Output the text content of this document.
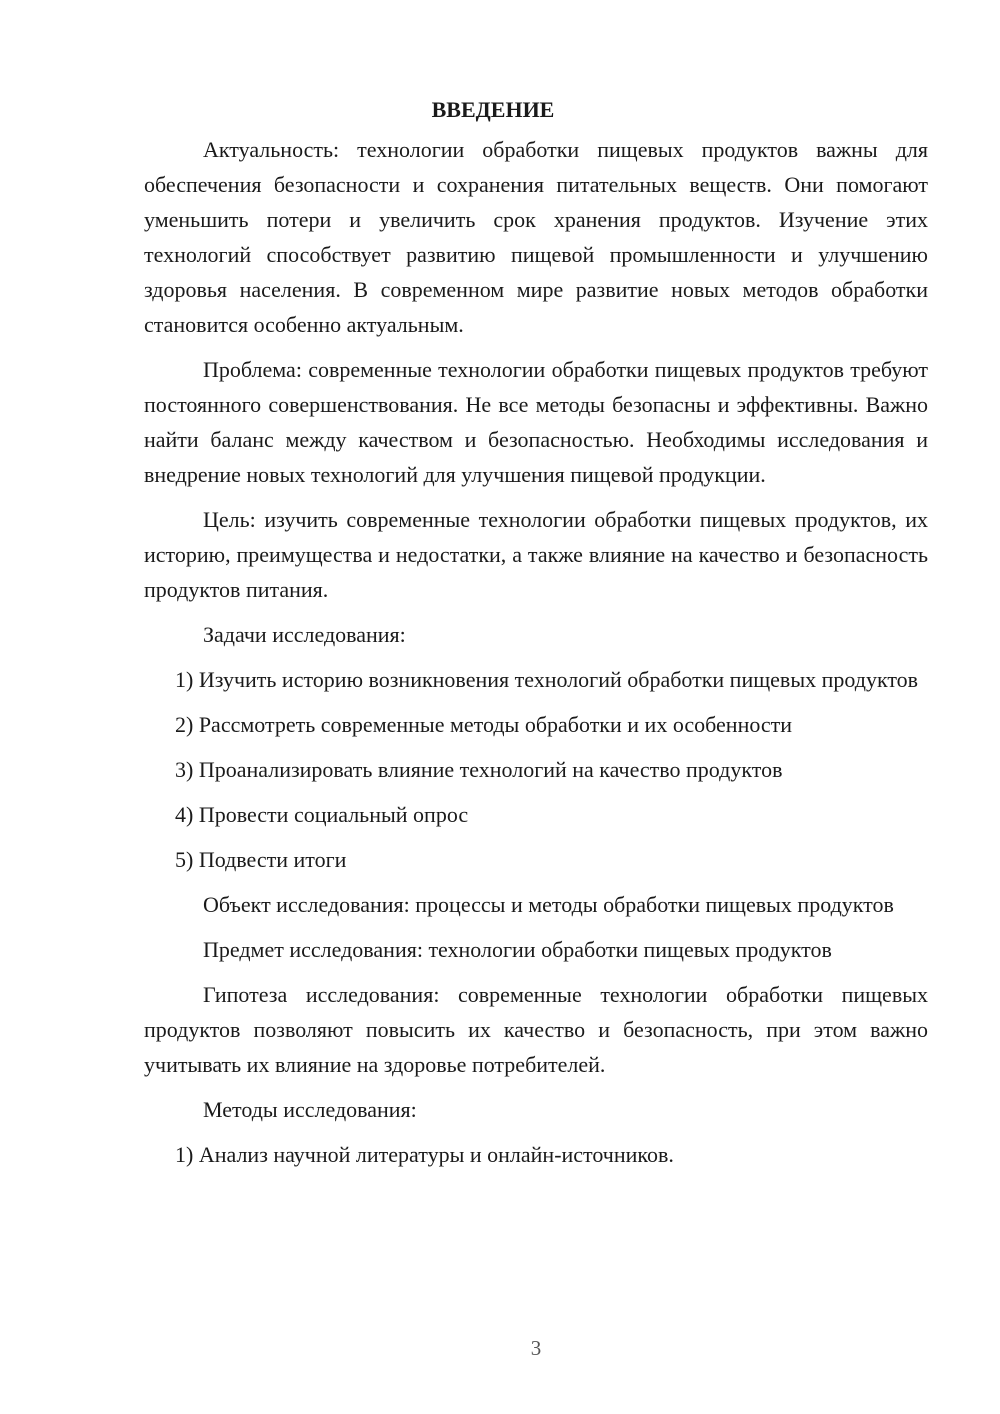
ВВЕДЕНИЕ

Актуальность: технологии обработки пищевых продуктов важны для обеспечения безопасности и сохранения питательных веществ. Они помогают уменьшить потери и увеличить срок хранения продуктов. Изучение этих технологий способствует развитию пищевой промышленности и улучшению здоровья населения. В современном мире развитие новых методов обработки становится особенно актуальным.

Проблема: современные технологии обработки пищевых продуктов требуют постоянного совершенствования. Не все методы безопасны и эффективны. Важно найти баланс между качеством и безопасностью. Необходимы исследования и внедрение новых технологий для улучшения пищевой продукции.

Цель: изучить современные технологии обработки пищевых продуктов, их историю, преимущества и недостатки, а также влияние на качество и безопасность продуктов питания.

Задачи исследования:

1) Изучить историю возникновения технологий обработки пищевых продуктов

2) Рассмотреть современные методы обработки и их особенности

3) Проанализировать влияние технологий на качество продуктов

4) Провести социальный опрос

5) Подвести итоги

Объект исследования: процессы и методы обработки пищевых продуктов

Предмет исследования: технологии обработки пищевых продуктов

Гипотеза исследования: современные технологии обработки пищевых продуктов позволяют повысить их качество и безопасность, при этом важно учитывать их влияние на здоровье потребителей.

Методы исследования:

1) Анализ научной литературы и онлайн-источников.

3
